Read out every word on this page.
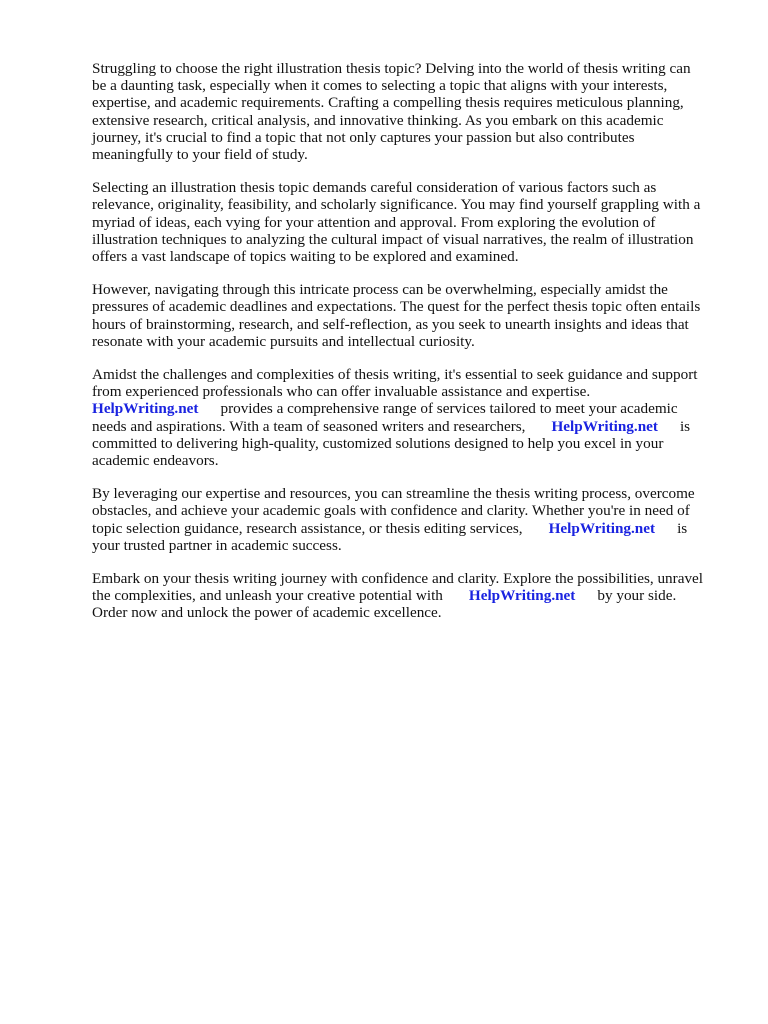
Struggling to choose the right illustration thesis topic? Delving into the world of thesis writing can
be a daunting task, especially when it comes to selecting a topic that aligns with your interests,
expertise, and academic requirements. Crafting a compelling thesis requires meticulous planning,
extensive research, critical analysis, and innovative thinking. As you embark on this academic
journey, it's crucial to find a topic that not only captures your passion but also contributes
meaningfully to your field of study.

Selecting an illustration thesis topic demands careful consideration of various factors such as
relevance, originality, feasibility, and scholarly significance. You may find yourself grappling with a
myriad of ideas, each vying for your attention and approval. From exploring the evolution of
illustration techniques to analyzing the cultural impact of visual narratives, the realm of illustration
offers a vast landscape of topics waiting to be explored and examined.

However, navigating through this intricate process can be overwhelming, especially amidst the
pressures of academic deadlines and expectations. The quest for the perfect thesis topic often entails
hours of brainstorming, research, and self-reflection, as you seek to unearth insights and ideas that
resonate with your academic pursuits and intellectual curiosity.

Amidst the challenges and complexities of thesis writing, it's essential to seek guidance and support
from experienced professionals who can offer invaluable assistance and expertise.
HelpWriting.net provides a comprehensive range of services tailored to meet your academic
needs and aspirations. With a team of seasoned writers and researchers, HelpWriting.net is
committed to delivering high-quality, customized solutions designed to help you excel in your
academic endeavors.

By leveraging our expertise and resources, you can streamline the thesis writing process, overcome
obstacles, and achieve your academic goals with confidence and clarity. Whether you're in need of
topic selection guidance, research assistance, or thesis editing services, HelpWriting.net is
your trusted partner in academic success.

Embark on your thesis writing journey with confidence and clarity. Explore the possibilities, unravel
the complexities, and unleash your creative potential with HelpWriting.net by your side.
Order now and unlock the power of academic excellence.
